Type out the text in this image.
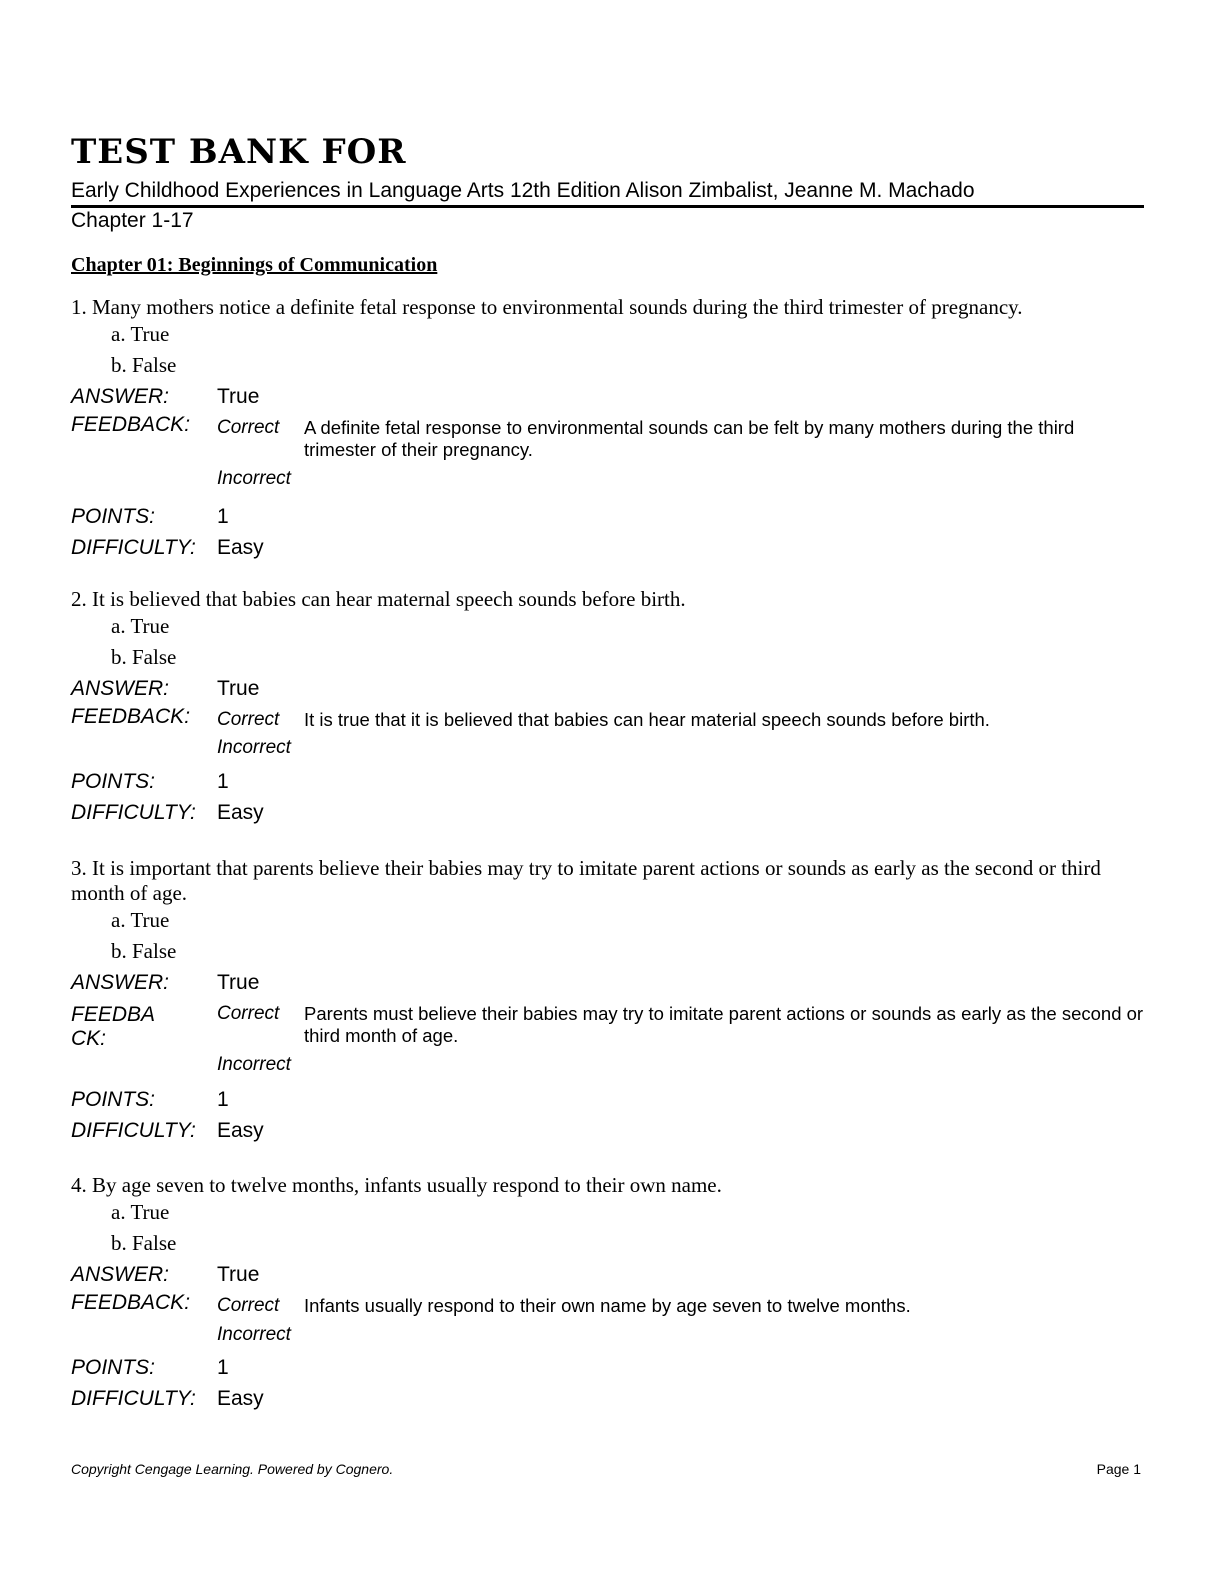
TEST BANK FOR
Early Childhood Experiences in Language Arts 12th Edition Alison Zimbalist, Jeanne M. Machado
Chapter 1-17
Chapter 01: Beginnings of Communication
1. Many mothers notice a definite fetal response to environmental sounds during the third trimester of pregnancy.
a. True
b. False
ANSWER: True
FEEDBACK:	Correct A definite fetal response to environmental sounds can be felt by many mothers during the third trimester of their pregnancy.
Incorrect
POINTS:	1
DIFFICULTY: Easy
2. It is believed that babies can hear maternal speech sounds before birth.
a. True
b. False
ANSWER: True
FEEDBACK:	Correct It is true that it is believed that babies can hear material speech sounds before birth.
Incorrect
POINTS:	1
DIFFICULTY: Easy
3. It is important that parents believe their babies may try to imitate parent actions or sounds as early as the second or third month of age.
a. True
b. False
ANSWER: True
FEEDBA CK:
Correct Parents must believe their babies may try to imitate parent actions or sounds as early as the second or third month of age.
Incorrect
POINTS:	1
DIFFICULTY: Easy
4. By age seven to twelve months, infants usually respond to their own name.
a. True
b. False
ANSWER: True
FEEDBACK:	Correct Infants usually respond to their own name by age seven to twelve months.
Incorrect
POINTS:	1
DIFFICULTY: Easy
Copyright Cengage Learning. Powered by Cognero.	Page 1
